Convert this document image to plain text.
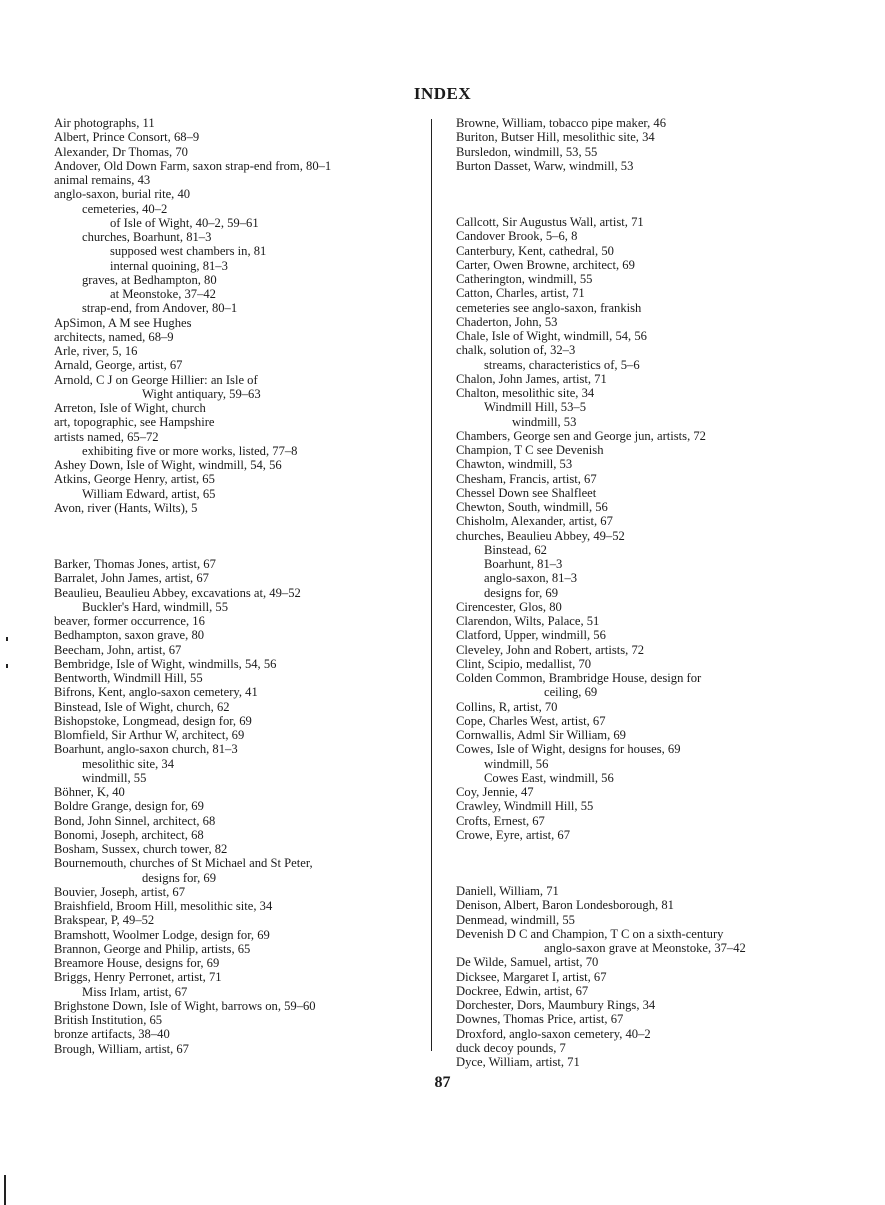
INDEX
Air photographs, 11
Albert, Prince Consort, 68–9
Alexander, Dr Thomas, 70
Andover, Old Down Farm, saxon strap-end from, 80–1
animal remains, 43
anglo-saxon, burial rite, 40
cemeteries, 40–2
of Isle of Wight, 40–2, 59–61
churches, Boarhunt, 81–3
supposed west chambers in, 81
internal quoining, 81–3
graves, at Bedhampton, 80
at Meonstoke, 37–42
strap-end, from Andover, 80–1
ApSimon, A M see Hughes
architects, named, 68–9
Arle, river, 5, 16
Arnald, George, artist, 67
Arnold, C J on George Hillier: an Isle of
Wight antiquary, 59–63
Arreton, Isle of Wight, church
art, topographic, see Hampshire
artists named, 65–72
exhibiting five or more works, listed, 77–8
Ashey Down, Isle of Wight, windmill, 54, 56
Atkins, George Henry, artist, 65
William Edward, artist, 65
Avon, river (Hants, Wilts), 5
Barker, Thomas Jones, artist, 67
Barralet, John James, artist, 67
Beaulieu, Beaulieu Abbey, excavations at, 49–52
Buckler's Hard, windmill, 55
beaver, former occurrence, 16
Bedhampton, saxon grave, 80
Beecham, John, artist, 67
Bembridge, Isle of Wight, windmills, 54, 56
Bentworth, Windmill Hill, 55
Bifrons, Kent, anglo-saxon cemetery, 41
Binstead, Isle of Wight, church, 62
Bishopstoke, Longmead, design for, 69
Blomfield, Sir Arthur W, architect, 69
Boarhunt, anglo-saxon church, 81–3
mesolithic site, 34
windmill, 55
Böhner, K, 40
Boldre Grange, design for, 69
Bond, John Sinnel, architect, 68
Bonomi, Joseph, architect, 68
Bosham, Sussex, church tower, 82
Bournemouth, churches of St Michael and St Peter,
designs for, 69
Bouvier, Joseph, artist, 67
Braishfield, Broom Hill, mesolithic site, 34
Brakspear, P, 49–52
Bramshott, Woolmer Lodge, design for, 69
Brannon, George and Philip, artists, 65
Breamore House, designs for, 69
Briggs, Henry Perronet, artist, 71
Miss Irlam, artist, 67
Brighstone Down, Isle of Wight, barrows on, 59–60
British Institution, 65
bronze artifacts, 38–40
Brough, William, artist, 67
Browne, William, tobacco pipe maker, 46
Buriton, Butser Hill, mesolithic site, 34
Bursledon, windmill, 53, 55
Burton Dasset, Warw, windmill, 53
Callcott, Sir Augustus Wall, artist, 71
Candover Brook, 5–6, 8
Canterbury, Kent, cathedral, 50
Carter, Owen Browne, architect, 69
Catherington, windmill, 55
Catton, Charles, artist, 71
cemeteries see anglo-saxon, frankish
Chaderton, John, 53
Chale, Isle of Wight, windmill, 54, 56
chalk, solution of, 32–3
streams, characteristics of, 5–6
Chalon, John James, artist, 71
Chalton, mesolithic site, 34
Windmill Hill, 53–5
windmill, 53
Chambers, George sen and George jun, artists, 72
Champion, T C see Devenish
Chawton, windmill, 53
Chesham, Francis, artist, 67
Chessel Down see Shalfleet
Chewton, South, windmill, 56
Chisholm, Alexander, artist, 67
churches, Beaulieu Abbey, 49–52
Binstead, 62
Boarhunt, 81–3
anglo-saxon, 81–3
designs for, 69
Cirencester, Glos, 80
Clarendon, Wilts, Palace, 51
Clatford, Upper, windmill, 56
Cleveley, John and Robert, artists, 72
Clint, Scipio, medallist, 70
Colden Common, Brambridge House, design for
ceiling, 69
Collins, R, artist, 70
Cope, Charles West, artist, 67
Cornwallis, Adml Sir William, 69
Cowes, Isle of Wight, designs for houses, 69
windmill, 56
Cowes East, windmill, 56
Coy, Jennie, 47
Crawley, Windmill Hill, 55
Crofts, Ernest, 67
Crowe, Eyre, artist, 67
Daniell, William, 71
Denison, Albert, Baron Londesborough, 81
Denmead, windmill, 55
Devenish D C and Champion, T C on a sixth-century
anglo-saxon grave at Meonstoke, 37–42
De Wilde, Samuel, artist, 70
Dicksee, Margaret I, artist, 67
Dockree, Edwin, artist, 67
Dorchester, Dors, Maumbury Rings, 34
Downes, Thomas Price, artist, 67
Droxford, anglo-saxon cemetery, 40–2
duck decoy pounds, 7
Dyce, William, artist, 71
87
